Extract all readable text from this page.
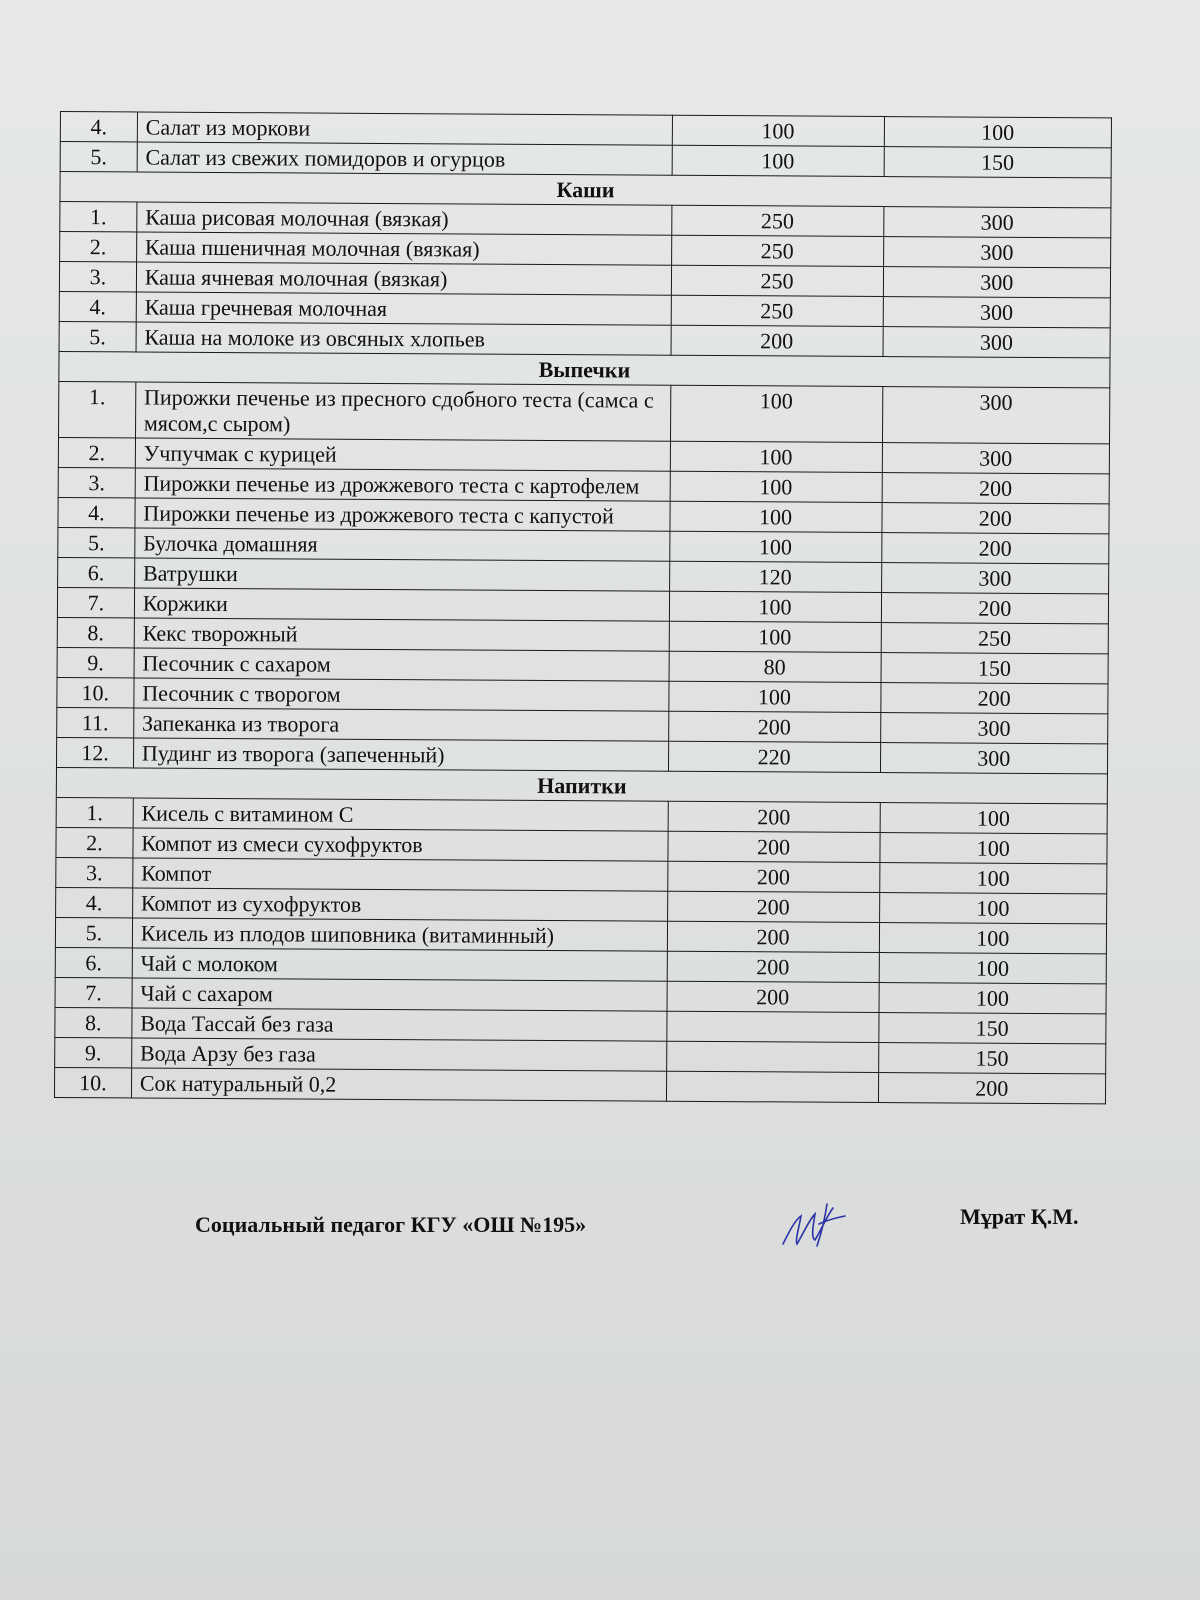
4.	Салат из моркови	100	100
5.	Салат из свежих помидоров и огурцов	100	150
Каши			
1.	Каша рисовая молочная (вязкая)	250	300
2.	Каша пшеничная молочная (вязкая)	250	300
3.	Каша ячневая молочная (вязкая)	250	300
4.	Каша гречневая молочная	250	300
5.	Каша на молоке из овсяных хлопьев	200	300
Выпечки			
1.	Пирожки печенье из пресного сдобного теста (самса с мясом,с сыром)	100	300
2.	Учпучмак с курицей	100	300
3.	Пирожки печенье из дрожжевого теста с картофелем	100	200
4.	Пирожки печенье из дрожжевого теста с капустой	100	200
5.	Булочка домашняя	100	200
6.	Ватрушки	120	300
7.	Коржики	100	200
8.	Кекс творожный	100	250
9.	Песочник с сахаром	80	150
10.	Песочник с творогом	100	200
11.	Запеканка из творога	200	300
12.	Пудинг из творога (запеченный)	220	300
Напитки			
1.	Кисель с витамином С	200	100
2.	Компот из смеси сухофруктов	200	100
3.	Компот	200	100
4.	Компот из сухофруктов	200	100
5.	Кисель из плодов шиповника (витаминный)	200	100
6.	Чай с молоком	200	100
7.	Чай с сахаром	200	100
8.	Вода Тассай без газа		150
9.	Вода Арзу без газа		150
10.	Сок натуральный 0,2		200
Социальный педагог КГУ «ОШ №195»	Мұрат Қ.М.
